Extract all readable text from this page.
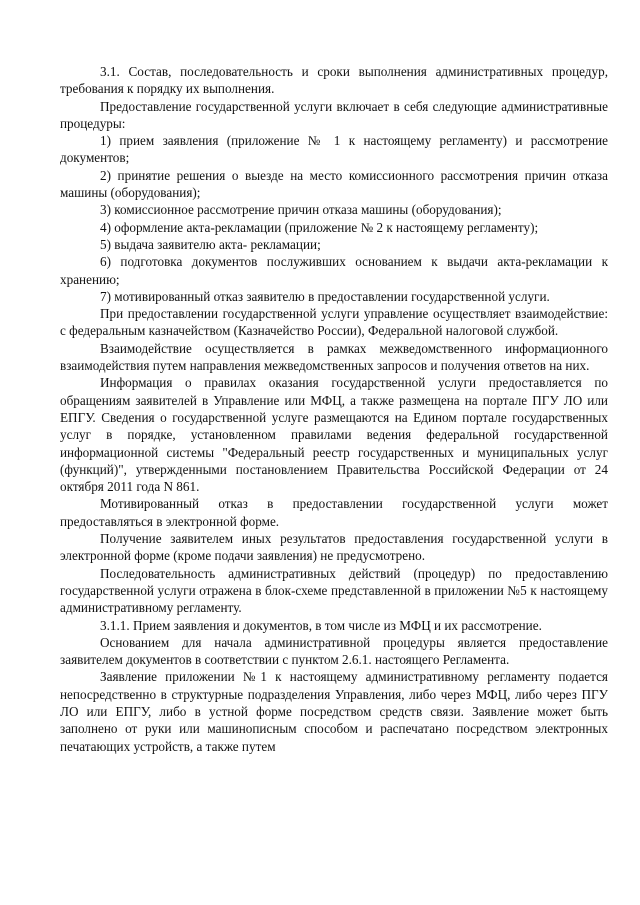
3.1. Состав, последовательность и сроки выполнения административных процедур, требования к порядку их выполнения.

Предоставление государственной услуги включает в себя следующие административные процедуры:

1) прием заявления (приложение № 1 к настоящему регламенту) и рассмотрение документов;

2) принятие решения о выезде на место комиссионного рассмотрения причин отказа машины (оборудования);

3) комиссионное рассмотрение причин отказа машины (оборудования);

4) оформление акта-рекламации (приложение № 2 к настоящему регламенту);

5) выдача заявителю акта- рекламации;

6) подготовка документов послуживших основанием к выдачи акта-рекламации к хранению;

7) мотивированный отказ заявителю в предоставлении государственной услуги.

При предоставлении государственной услуги управление осуществляет взаимодействие: с федеральным казначейством (Казначейство России), Федеральной налоговой службой.

Взаимодействие осуществляется в рамках межведомственного информационного взаимодействия путем направления межведомственных запросов и получения ответов на них.

Информация о правилах оказания государственной услуги предоставляется по обращениям заявителей в Управление или МФЦ, а также размещена на портале ПГУ ЛО или ЕПГУ. Сведения о государственной услуге размещаются на Едином портале государственных услуг в порядке, установленном правилами ведения федеральной государственной информационной системы "Федеральный реестр государственных и муниципальных услуг (функций)", утвержденными постановлением Правительства Российской Федерации от 24 октября 2011 года N 861.

Мотивированный отказ в предоставлении государственной услуги может предоставляться в электронной форме.

Получение заявителем иных результатов предоставления государственной услуги в электронной форме (кроме подачи заявления) не предусмотрено.

Последовательность административных действий (процедур) по предоставлению государственной услуги отражена в блок-схеме представленной в приложении №5 к настоящему административному регламенту.

3.1.1. Прием заявления и документов, в том числе из МФЦ и их рассмотрение.

Основанием для начала административной процедуры является предоставление заявителем документов в соответствии с пунктом 2.6.1. настоящего Регламента.

Заявление приложении №1 к настоящему административному регламенту подается непосредственно в структурные подразделения Управления, либо через МФЦ, либо через ПГУ ЛО или ЕПГУ, либо в устной форме посредством средств связи. Заявление может быть заполнено от руки или машинописным способом и распечатано посредством электронных печатающих устройств, а также путем
